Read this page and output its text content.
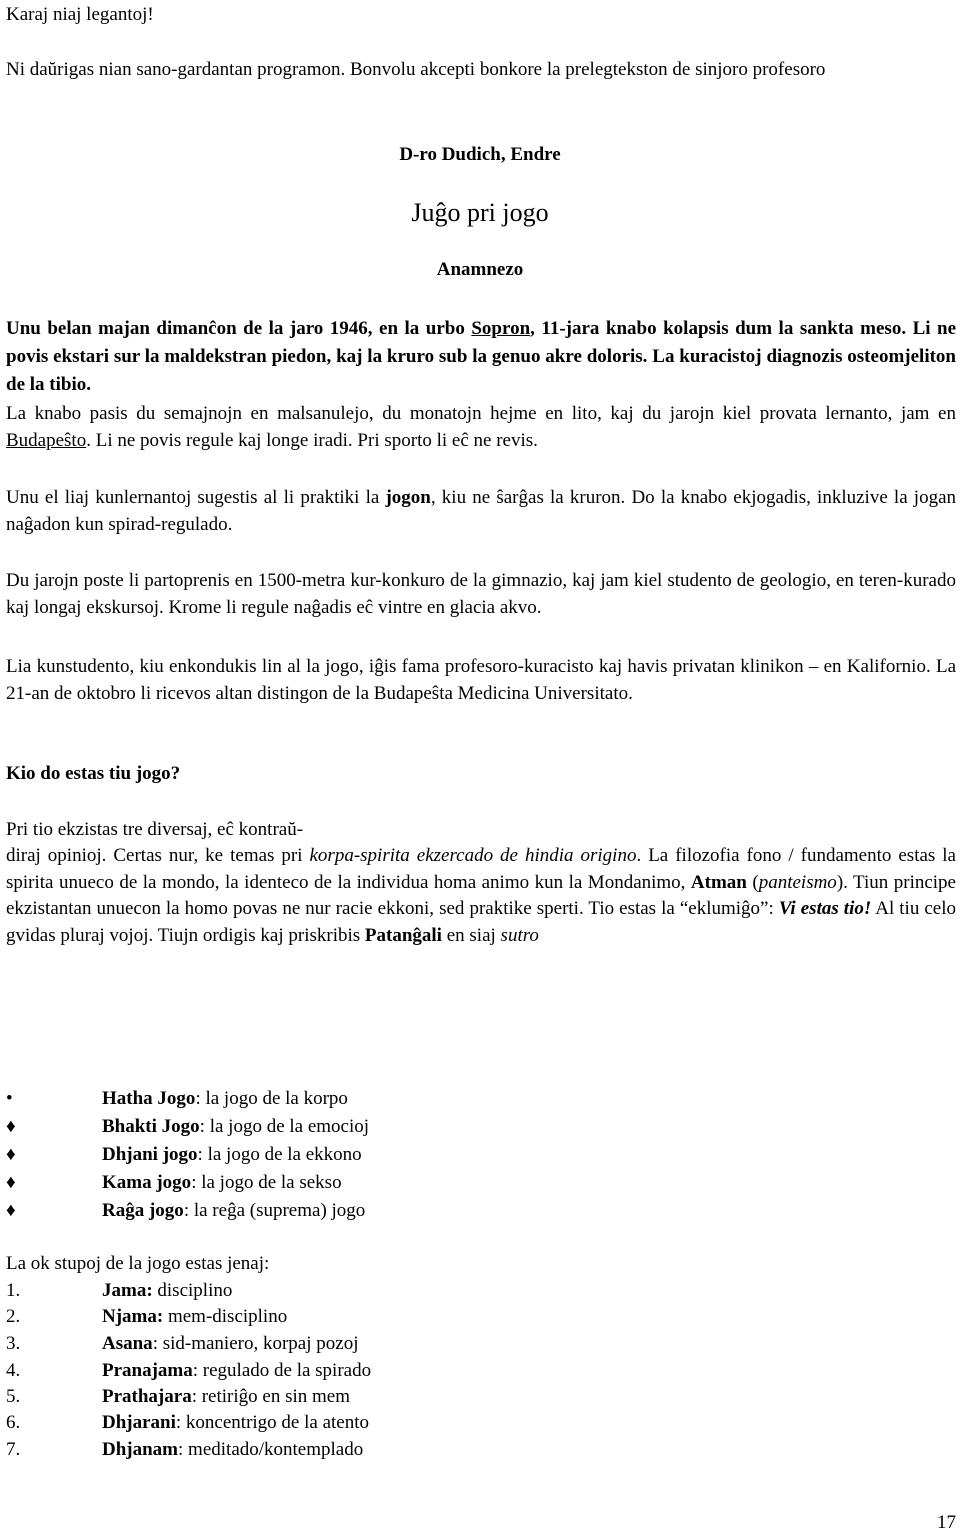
Karaj niaj legantoj!
Ni daŭrigas nian sano-gardantan programon. Bonvolu akcepti bonkore la prelegtekston de sinjoro profesoro
D-ro Dudich, Endre
Juĝo pri jogo
Anamnezo
Unu belan majan dimanĉon de la jaro 1946, en la urbo Sopron, 11-jara knabo kolapsis dum la sankta meso. Li ne povis ekstari sur la maldekstran piedon, kaj la kruro sub la genuo akre doloris. La kuracistoj diagnozis osteomjeliton de la tibio.
La knabo pasis du semajnojn en malsanulejo, du monatojn hejme en lito, kaj du jarojn kiel provata lernanto, jam en Budapeŝto. Li ne povis regule kaj longe iradi. Pri sporto li eĉ ne revis.
Unu el liaj kunlernantoj sugestis al li praktiki la jogon, kiu ne ŝarĝas la kruron. Do la knabo ekjogadis, inkluzive la jogan naĝadon kun spirad-regulado.
Du jarojn poste li partoprenis en 1500-metra kur-konkuro de la gimnazio, kaj jam kiel studento de geologio, en teren-kurado kaj longaj ekskursoj. Krome li regule naĝadis eĉ vintre en glacia akvo.
Lia kunstudento, kiu enkondukis lin al la jogo, iĝis fama profesoro-kuracisto kaj havis privatan klinikon – en Kalifornio. La 21-an de oktobro li ricevos altan distingon de la Budapeŝta Medicina Universitato.
Kio do estas tiu jogo?
Pri tio ekzistas tre diversaj, eĉ kontraŭ-
diraj opinioj. Certas nur, ke temas pri korpa-spirita ekzercado de hindia origino. La filozofia fono / fundamento estas la spirita unueco de la mondo, la identeco de la individua homa animo kun la Mondanimo, Atman (panteismo). Tiun principe ekzistantan unuecon la homo povas ne nur racie ekkoni, sed praktike sperti. Tio estas la “eklumiĝo”: Vi estas tio! Al tiu celo gvidas pluraj vojoj. Tiujn ordigis kaj priskribis Patanĝali en siaj sutro
•	Hatha Jogo: la jogo de la korpo
♦	Bhakti Jogo: la jogo de la emocioj
♦	Dhjani jogo: la jogo de la ekkono
♦	Kama jogo: la jogo de la sekso
♦	Raĝa jogo: la reĝa (suprema) jogo
La ok stupoj de la jogo estas jenaj:
1.	Jama: disciplino
2.	Njama: mem-disciplino
3.	Asana: sid-maniero, korpaj pozoj
4.	Pranajama: regulado de la spirado
5.	Prathajara: retiriĝo en sin mem
6.	Dhjarani: koncentrigo de la atento
7.	Dhjanam: meditado/kontemplado
17
